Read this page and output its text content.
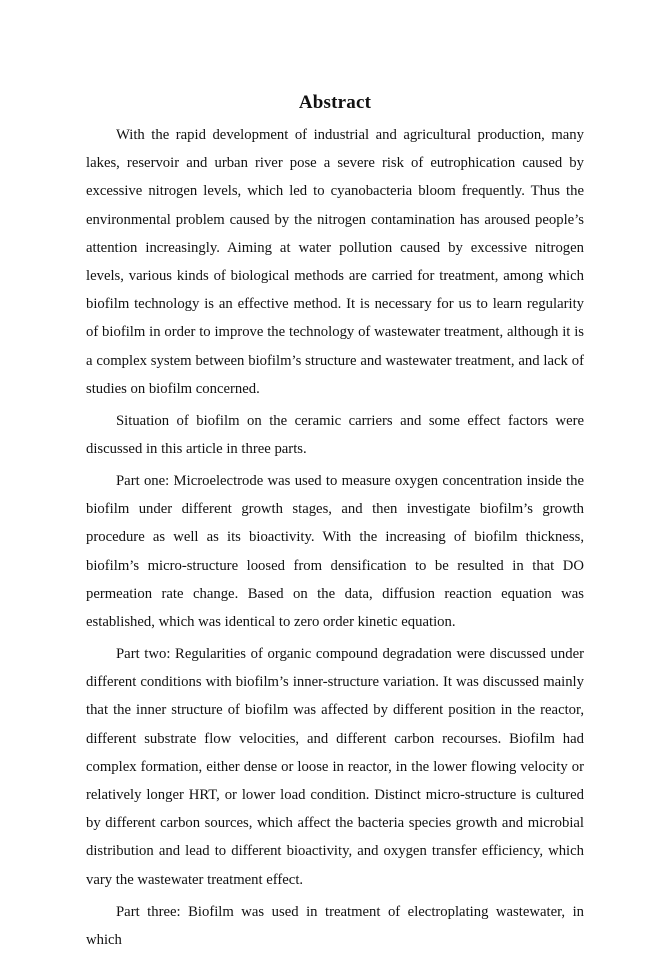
Abstract

With the rapid development of industrial and agricultural production, many lakes, reservoir and urban river pose a severe risk of eutrophication caused by excessive nitrogen levels, which led to cyanobacteria bloom frequently. Thus the environmental problem caused by the nitrogen contamination has aroused people’s attention increasingly. Aiming at water pollution caused by excessive nitrogen levels, various kinds of biological methods are carried for treatment, among which biofilm technology is an effective method. It is necessary for us to learn regularity of biofilm in order to improve the technology of wastewater treatment, although it is a complex system between biofilm’s structure and wastewater treatment, and lack of studies on biofilm concerned.

Situation of biofilm on the ceramic carriers and some effect factors were discussed in this article in three parts.

Part one: Microelectrode was used to measure oxygen concentration inside the biofilm under different growth stages, and then investigate biofilm’s growth procedure as well as its bioactivity. With the increasing of biofilm thickness, biofilm’s micro-structure loosed from densification to be resulted in that DO permeation rate change. Based on the data, diffusion reaction equation was established, which was identical to zero order kinetic equation.

Part two: Regularities of organic compound degradation were discussed under different conditions with biofilm’s inner-structure variation. It was discussed mainly that the inner structure of biofilm was affected by different position in the reactor, different substrate flow velocities, and different carbon recourses. Biofilm had complex formation, either dense or loose in reactor, in the lower flowing velocity or relatively longer HRT, or lower load condition. Distinct micro-structure is cultured by different carbon sources, which affect the bacteria species growth and microbial distribution and lead to different bioactivity, and oxygen transfer efficiency, which vary the wastewater treatment effect.

Part three: Biofilm was used in treatment of electroplating wastewater, in which
